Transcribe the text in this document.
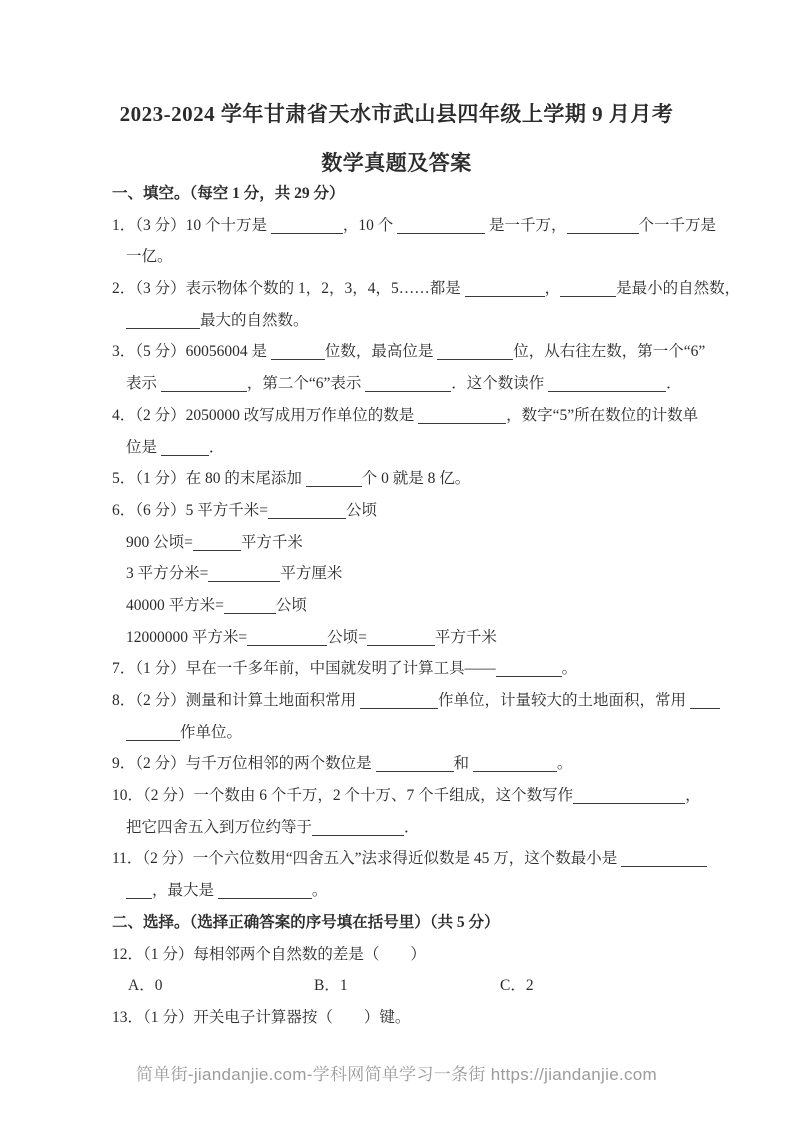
2023-2024 学年甘肃省天水市武山县四年级上学期 9 月月考
数学真题及答案
一、填空。（每空 1 分，共 29 分）
1．（3 分）10 个十万是	，10 个	是一千万，	个一千万是
一亿。
2．（3 分）表示物体个数的 1，2，3，4，5……都是	，	是最小的自然数，
最大的自然数。
3．（5 分）60056004 是	位数，最高位是	位，从右往左数，第一个“6”
表示	，第二个“6”表示	．这个数读作	．
4．（2 分）2050000 改写成用万作单位的数是	，数字“5”所在数位的计数单
位是	．
5．（1 分）在 80 的末尾添加	个 0 就是 8 亿。
6．（6 分）5 平方千米=	公顷
900 公顷=	平方千米
3 平方分米=	平方厘米
40000 平方米=	公顷
12000000 平方米=	公顷=	平方千米
7．（1 分）早在一千多年前，中国就发明了计算工具——	。
8．（2 分）测量和计算土地面积常用	作单位，计量较大的土地面积，常用
作单位。
9．（2 分）与千万位相邻的两个数位是	和	。
10．（2 分）一个数由 6 个千万，2 个十万、7 个千组成，这个数写作	，
把它四舍五入到万位约等于	．
11．（2 分）一个六位数用“四舍五入”法求得近似数是 45 万，这个数最小是
，最大是	。
二、选择。（选择正确答案的序号填在括号里）（共 5 分）
12．（1 分）每相邻两个自然数的差是（　　）
A．0	B．1	C．2
13．（1 分）开关电子计算器按（　　）键。
简单街-jiandanjie.com-学科网简单学习一条街 https://jiandanjie.com
